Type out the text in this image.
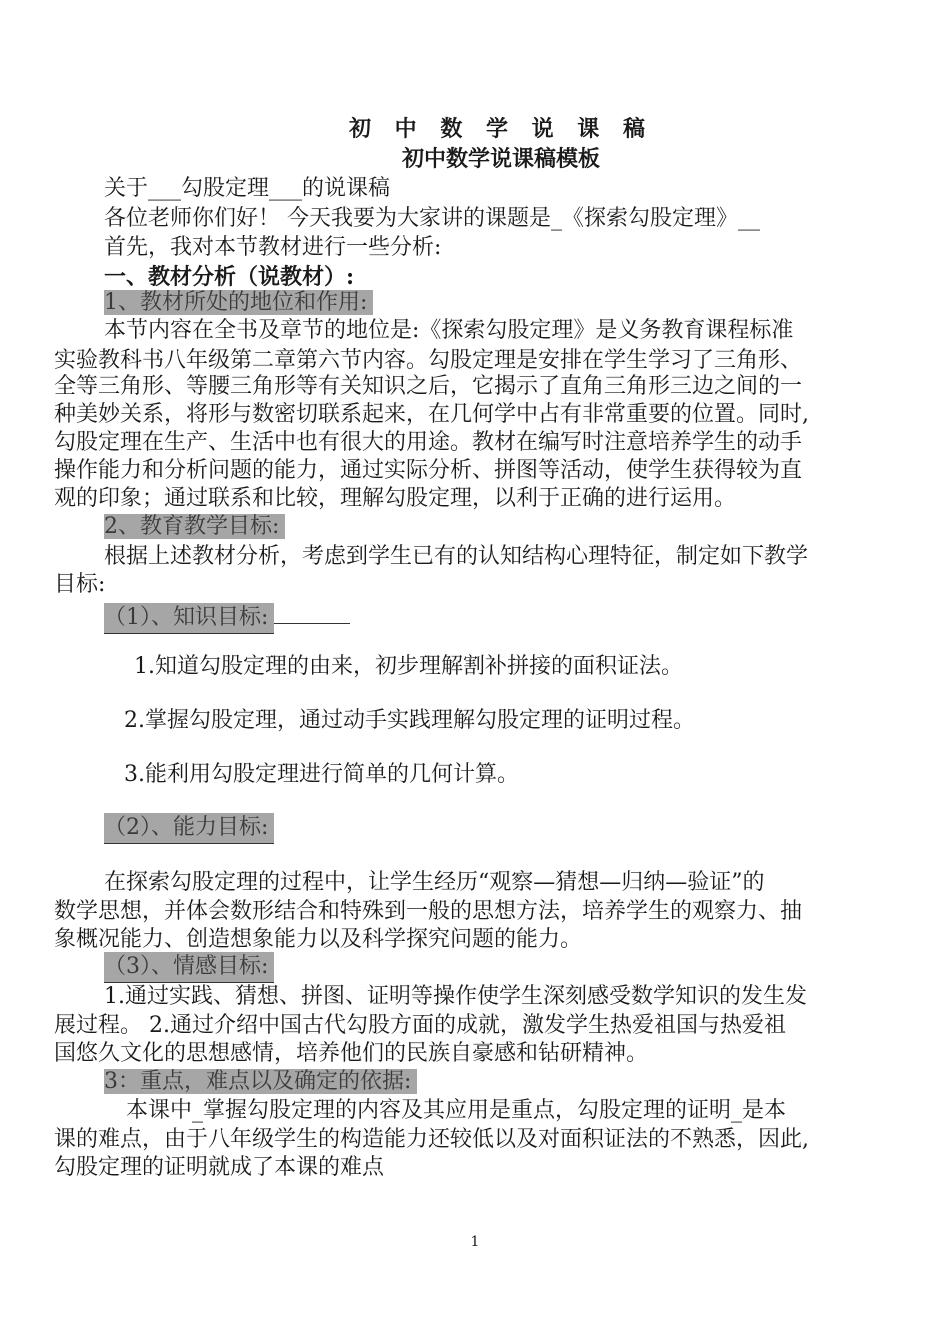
初 中 数 学 说 课 稿
初中数学说课稿模板
关于___勾股定理___的说课稿
各位老师你们好！ 今天我要为大家讲的课题是_《探索勾股定理》__
首先，我对本节教材进行一些分析:
一、教材分析（说教材）:
1、教材所处的地位和作用:
本节内容在全书及章节的地位是:《探索勾股定理》是义务教育课程标准
实验教科书八年级第二章第六节内容。勾股定理是安排在学生学习了三角形、
全等三角形、等腰三角形等有关知识之后，它揭示了直角三角形三边之间的一
种美妙关系，将形与数密切联系起来，在几何学中占有非常重要的位置。同时,
勾股定理在生产、生活中也有很大的用途。教材在编写时注意培养学生的动手
操作能力和分析问题的能力，通过实际分析、拼图等活动，使学生获得较为直
观的印象；通过联系和比较，理解勾股定理，以利于正确的进行运用。
2、教育教学目标:
根据上述教材分析，考虑到学生已有的认知结构心理特征，制定如下教学
目标:
（1）、知识目标:
1.知道勾股定理的由来，初步理解割补拼接的面积证法。
2.掌握勾股定理，通过动手实践理解勾股定理的证明过程。
3.能利用勾股定理进行简单的几何计算。
（2）、能力目标:
在探索勾股定理的过程中，让学生经历“观察—猜想—归纳—验证”的
数学思想，并体会数形结合和特殊到一般的思想方法，培养学生的观察力、抽
象概况能力、创造想象能力以及科学探究问题的能力。
（3）、情感目标:
1.通过实践、猜想、拼图、证明等操作使学生深刻感受数学知识的发生发
展过程。 2.通过介绍中国古代勾股方面的成就，激发学生热爱祖国与热爱祖
国悠久文化的思想感情，培养他们的民族自豪感和钻研精神。
3：重点，难点以及确定的依据:
本课中_掌握勾股定理的内容及其应用是重点，勾股定理的证明_是本
课的难点，由于八年级学生的构造能力还较低以及对面积证法的不熟悉，因此,
勾股定理的证明就成了本课的难点
1
